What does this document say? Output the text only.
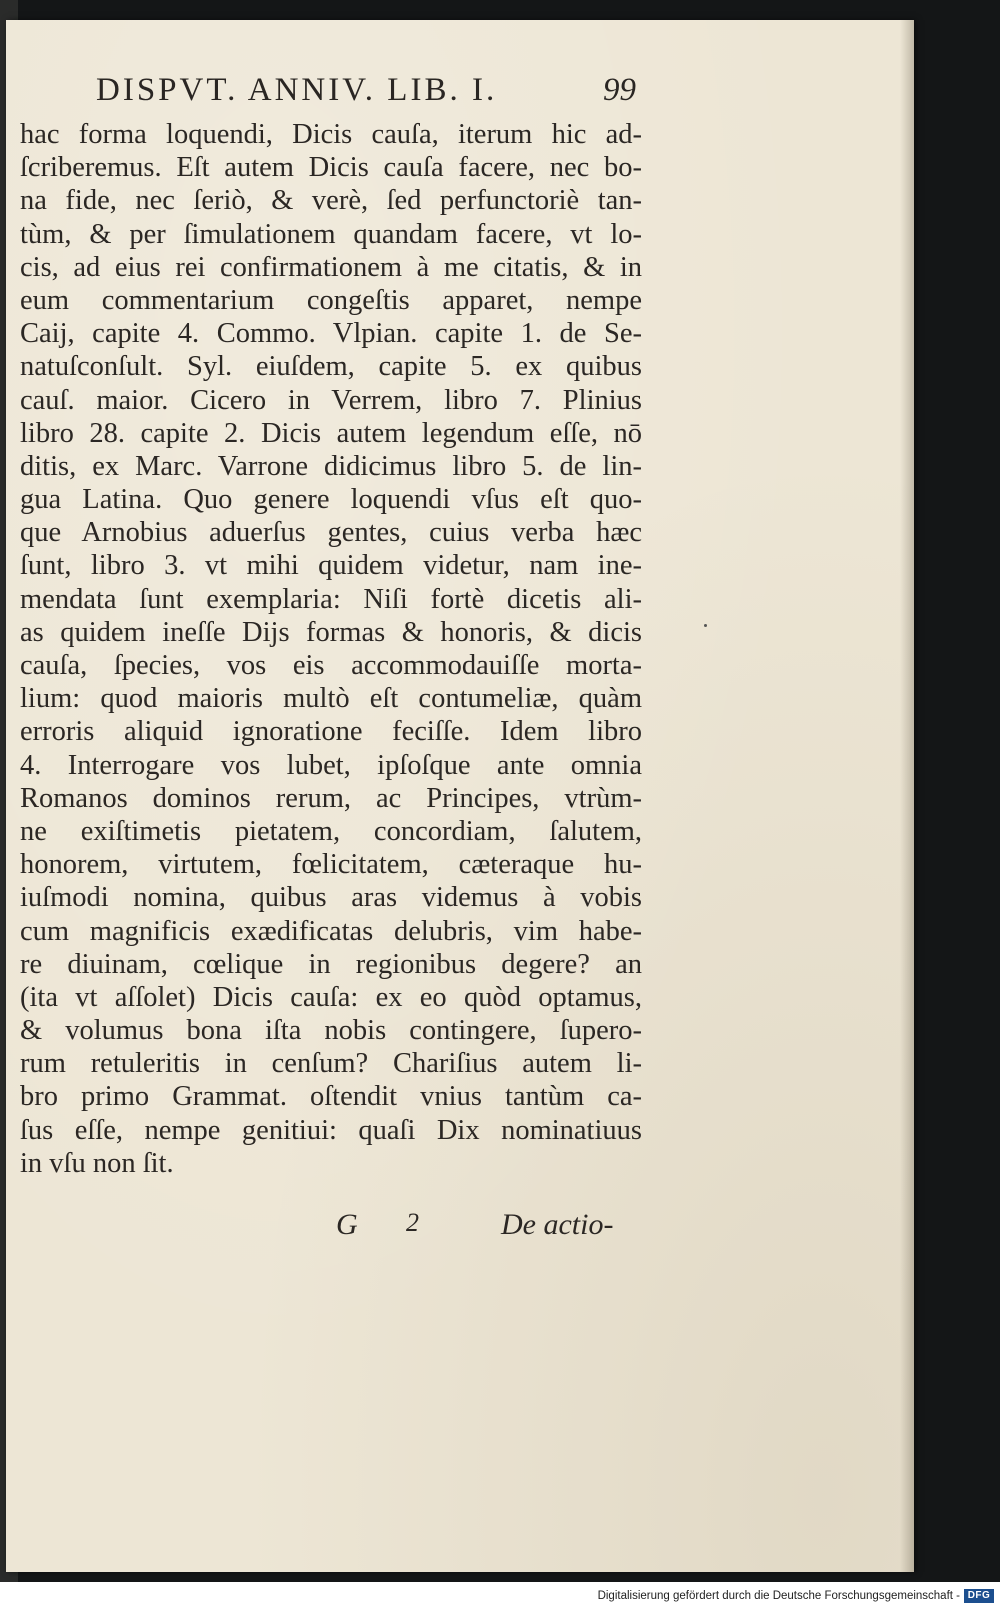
DISPVT. ANNIV. LIB. I.	99
hac forma loquendi, Dicis cauſa, iterum hic ad-
ſcriberemus. Eſt autem Dicis cauſa facere, nec bo-
na fide, nec ſeriò, & verè, ſed perfunctoriè tan-
tùm, & per ſimulationem quandam facere, vt lo-
cis, ad eius rei confirmationem à me citatis, & in
eum commentarium congeſtis apparet, nempe
Caij, capite 4. Commo. Vlpian. capite 1. de Se-
natuſconſult. Syl. eiuſdem, capite 5. ex quibus
cauſ. maior. Cicero in Verrem, libro 7. Plinius
libro 28. capite 2. Dicis autem legendum eſſe, nō
ditis, ex Marc. Varrone didicimus libro 5. de lin-
gua Latina. Quo genere loquendi vſus eſt quo-
que Arnobius aduerſus gentes, cuius verba hæc
ſunt, libro 3. vt mihi quidem videtur, nam ine-
mendata ſunt exemplaria: Niſi fortè dicetis ali-
as quidem ineſſe Dijs formas & honoris, & dicis
cauſa, ſpecies, vos eis accommodauiſſe morta-
lium: quod maioris multò eſt contumeliæ, quàm
erroris aliquid ignoratione feciſſe. Idem libro
4. Interrogare vos lubet, ipſoſque ante omnia
Romanos dominos rerum, ac Principes, vtrùm-
ne exiſtimetis pietatem, concordiam, ſalutem,
honorem, virtutem, fœlicitatem, cæteraque hu-
iuſmodi nomina, quibus aras videmus à vobis
cum magnificis exædificatas delubris, vim habe-
re diuinam, cœlique in regionibus degere? an
(ita vt aſſolet) Dicis cauſa: ex eo quòd optamus,
& volumus bona iſta nobis contingere, ſupero-
rum retuleritis in cenſum? Chariſius autem li-
bro primo Grammat. oſtendit vnius tantùm ca-
ſus eſſe, nempe genitiui: quaſi Dix nominatiuus
in vſu non ſit.
G 2	De actio-
Digitalisierung gefördert durch die Deutsche Forschungsgemeinschaft - DFG
